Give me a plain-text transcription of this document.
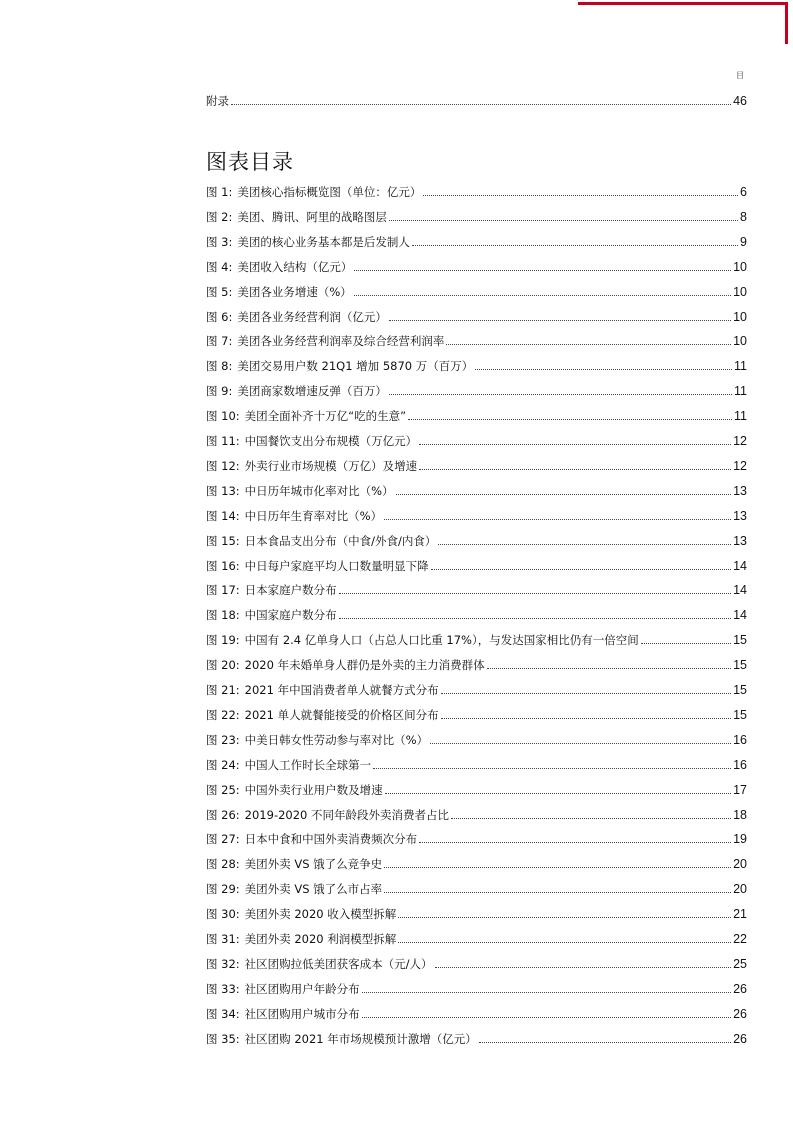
目
附录	46
图表目录
图 1: 美团核心指标概览图（单位：亿元）	6
图 2: 美团、腾讯、阿里的战略图层	8
图 3: 美团的核心业务基本都是后发制人	9
图 4: 美团收入结构（亿元）	10
图 5: 美团各业务增速（%）	10
图 6: 美团各业务经营利润（亿元）	10
图 7: 美团各业务经营利润率及综合经营利润率	10
图 8: 美团交易用户数 21Q1 增加 5870 万（百万）	11
图 9: 美团商家数增速反弹（百万）	11
图 10: 美团全面补齐十万亿“吃的生意”	11
图 11: 中国餐饮支出分布规模（万亿元）	12
图 12: 外卖行业市场规模（万亿）及增速	12
图 13: 中日历年城市化率对比（%）	13
图 14: 中日历年生育率对比（%）	13
图 15: 日本食品支出分布（中食/外食/内食）	13
图 16: 中日每户家庭平均人口数量明显下降	14
图 17: 日本家庭户数分布	14
图 18: 中国家庭户数分布	14
图 19: 中国有 2.4 亿单身人口（占总人口比重 17%），与发达国家相比仍有一倍空间	15
图 20: 2020 年未婚单身人群仍是外卖的主力消费群体	15
图 21: 2021 年中国消费者单人就餐方式分布	15
图 22: 2021 单人就餐能接受的价格区间分布	15
图 23: 中美日韩女性劳动参与率对比（%）	16
图 24: 中国人工作时长全球第一	16
图 25: 中国外卖行业用户数及增速	17
图 26: 2019-2020 不同年龄段外卖消费者占比	18
图 27: 日本中食和中国外卖消费频次分布	19
图 28: 美团外卖 VS 饿了么竞争史	20
图 29: 美团外卖 VS 饿了么市占率	20
图 30: 美团外卖 2020 收入模型拆解	21
图 31: 美团外卖 2020 利润模型拆解	22
图 32: 社区团购拉低美团获客成本（元/人）	25
图 33: 社区团购用户年龄分布	26
图 34: 社区团购用户城市分布	26
图 35: 社区团购 2021 年市场规模预计激增（亿元）	26
